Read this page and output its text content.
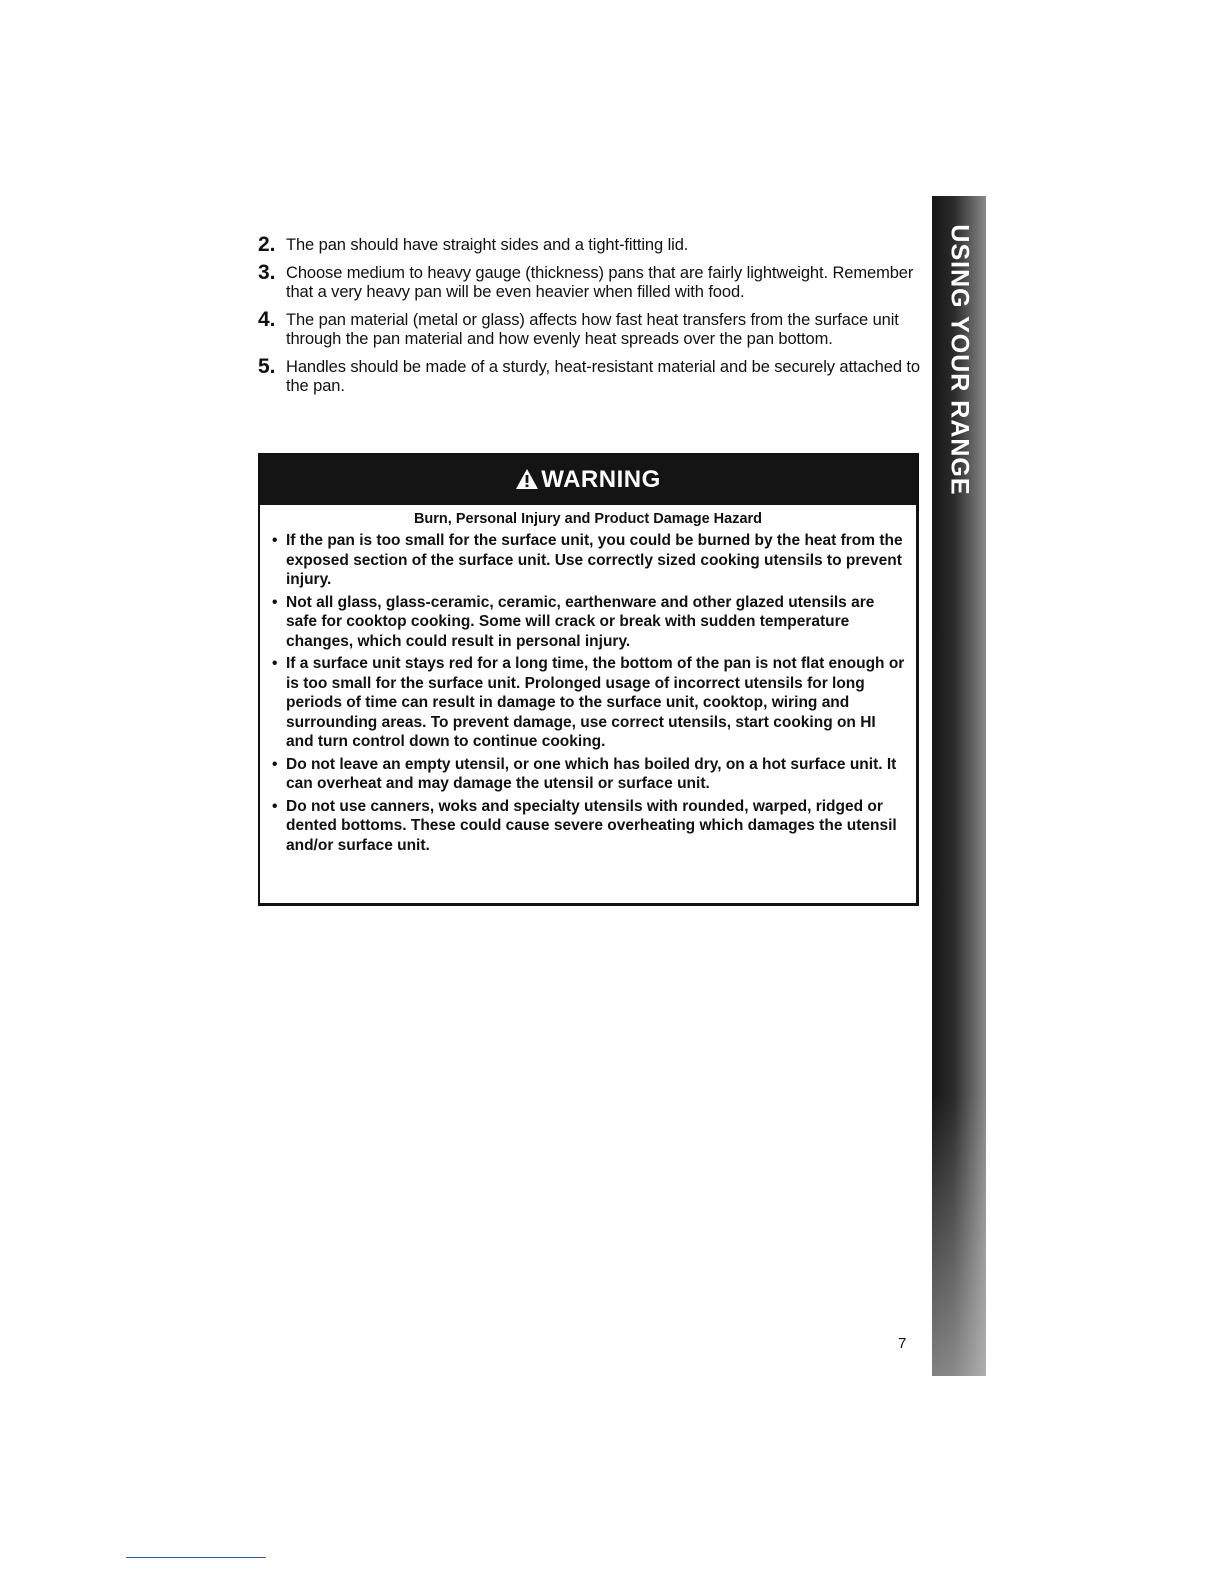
2. The pan should have straight sides and a tight-fitting lid.
3. Choose medium to heavy gauge (thickness) pans that are fairly lightweight. Remember that a very heavy pan will be even heavier when filled with food.
4. The pan material (metal or glass) affects how fast heat transfers from the surface unit through the pan material and how evenly heat spreads over the pan bottom.
5. Handles should be made of a sturdy, heat-resistant material and be securely attached to the pan.	USING YOUR RANGE
WARNING
Burn, Personal Injury and Product Damage Hazard
• If the pan is too small for the surface unit, you could be burned by the heat from the exposed section of the surface unit. Use correctly sized cooking utensils to prevent injury.
• Not all glass, glass-ceramic, ceramic, earthenware and other glazed utensils are safe for cooktop cooking. Some will crack or break with sudden temperature changes, which could result in personal injury.
• If a surface unit stays red for a long time, the bottom of the pan is not flat enough or is too small for the surface unit. Prolonged usage of incorrect utensils for long periods of time can result in damage to the surface unit, cooktop, wiring and surrounding areas. To prevent damage, use correct utensils, start cooking on HI and turn control down to continue cooking.
• Do not leave an empty utensil, or one which has boiled dry, on a hot surface unit. It can overheat and may damage the utensil or surface unit.
• Do not use canners, woks and specialty utensils with rounded, warped, ridged or dented bottoms. These could cause severe overheating which damages the utensil and/or surface unit.
7
